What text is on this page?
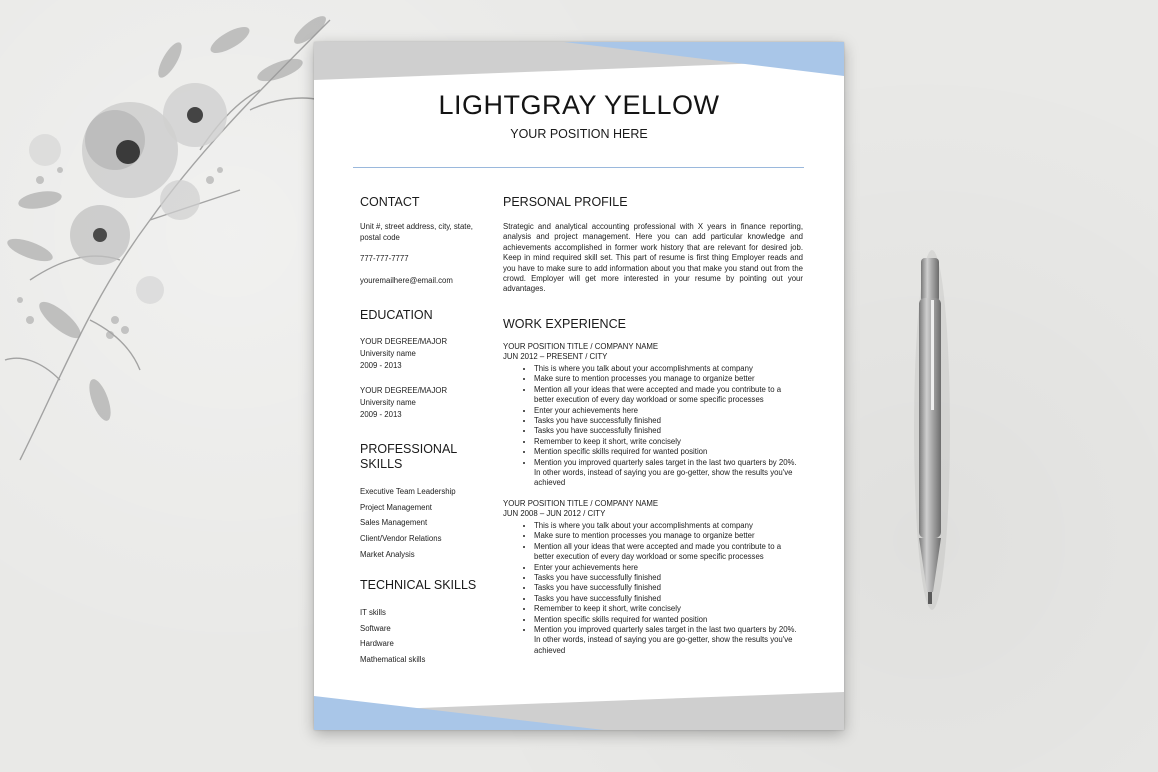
LIGHTGRAY YELLOW
YOUR POSITION HERE
CONTACT
Unit #, street address, city, state, postal code
777-777-7777
youremailhere@email.com
EDUCATION
YOUR DEGREE/MAJOR
University name
2009 - 2013
YOUR DEGREE/MAJOR
University name
2009 - 2013
PROFESSIONAL SKILLS
Executive Team Leadership
Project Management
Sales Management
Client/Vendor Relations
Market Analysis
TECHNICAL SKILLS
IT skills
Software
Hardware
Mathematical skills
PERSONAL PROFILE
Strategic and analytical accounting professional with X years in finance reporting, analysis and project management. Here you can add particular knowledge and achievements accomplished in former work history that are relevant for desired job. Keep in mind required skill set. This part of resume is first thing Employer reads and you have to make sure to add information about you that make you stand out from the crowd. Employer will get more interested in your resume by pointing out your advantages.
WORK EXPERIENCE
YOUR POSITION TITLE / COMPANY NAME
JUN 2012 – PRESENT / CITY
• This is where you talk about your accomplishments at company
• Make sure to mention processes you manage to organize better
• Mention all your ideas that were accepted and made you contribute to a better execution of every day workload or some specific processes
• Enter your achievements here
• Tasks you have successfully finished
• Tasks you have successfully finished
• Remember to keep it short, write concisely
• Mention specific skills required for wanted position
• Mention you improved quarterly sales target in the last two quarters by 20%. In other words, instead of saying you are go-getter, show the results you've achieved
YOUR POSITION TITLE / COMPANY NAME
JUN 2008 – JUN 2012 / CITY
• This is where you talk about your accomplishments at company
• Make sure to mention processes you manage to organize better
• Mention all your ideas that were accepted and made you contribute to a better execution of every day workload or some specific processes
• Enter your achievements here
• Tasks you have successfully finished
• Tasks you have successfully finished
• Tasks you have successfully finished
• Remember to keep it short, write concisely
• Mention specific skills required for wanted position
• Mention you improved quarterly sales target in the last two quarters by 20%. In other words, instead of saying you are go-getter, show the results you've achieved
